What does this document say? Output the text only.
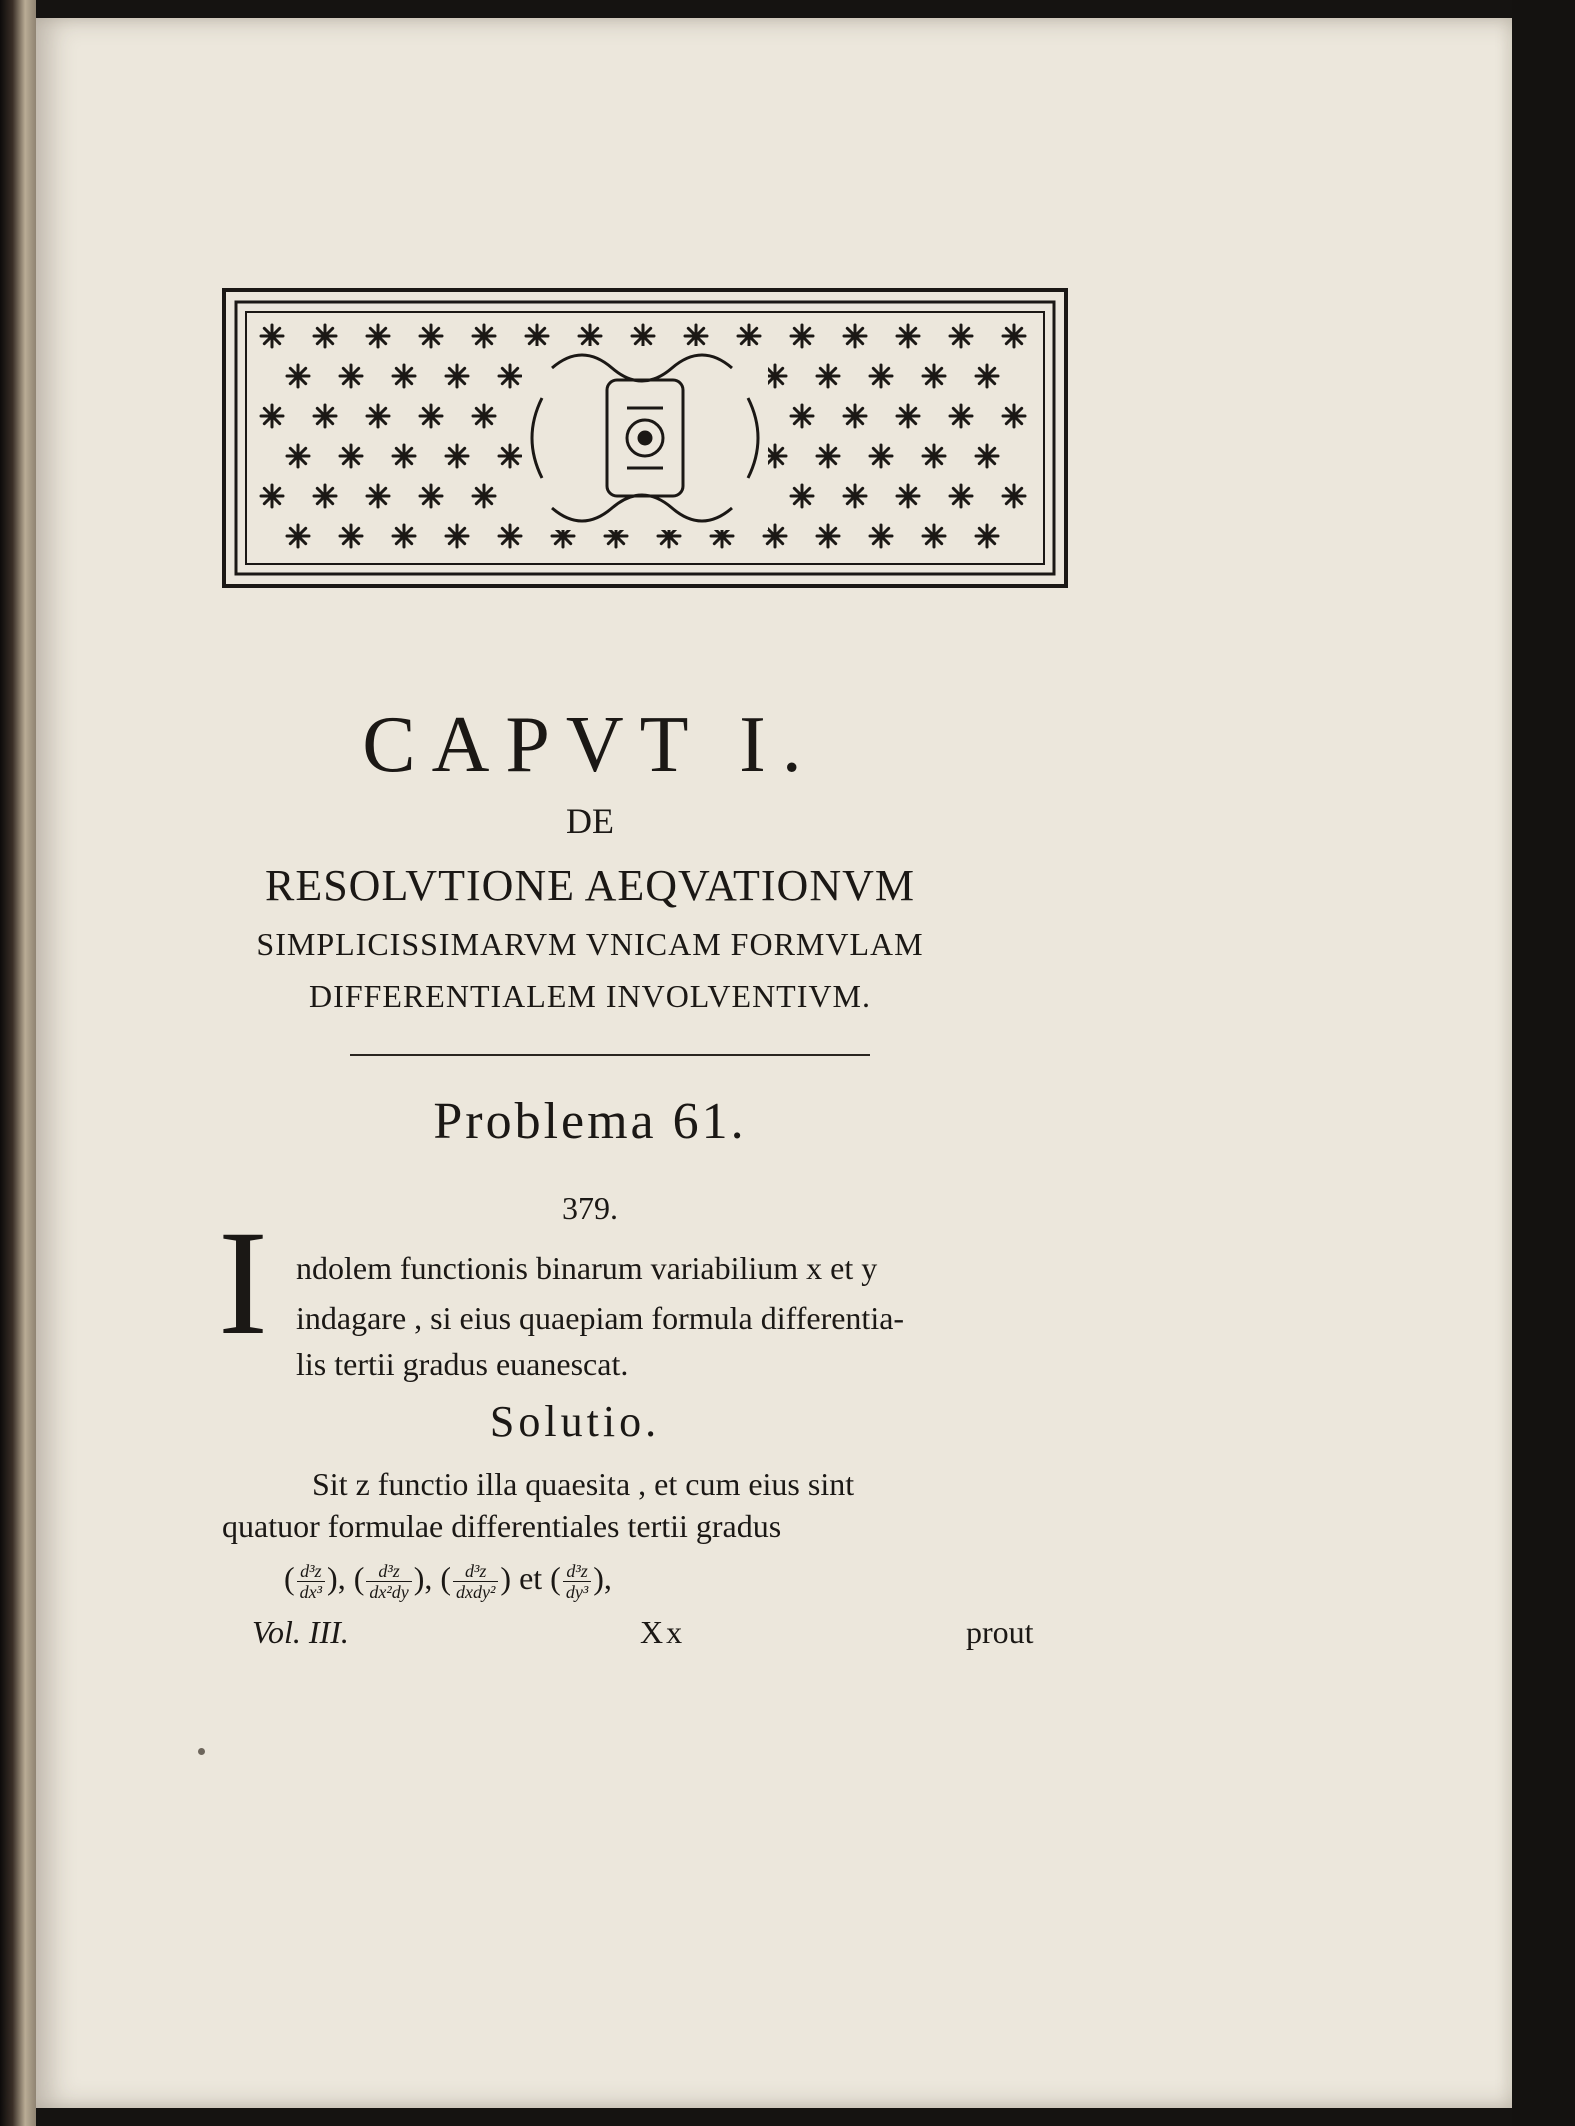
CAPVT I.
DE
RESOLVTIONE AEQVATIONVM
SIMPLICISSIMARVM VNICAM FORMVLAM
DIFFERENTIALEM INVOLVENTIVM.
Problema 61.
379.
I ndolem functionis binarum variabilium x et y
indagare , si eius quaepiam formula differentia-
lis tertii gradus euanescat.
Solutio.
Sit z functio illa quaesita , et cum eius sint
quatuor formulae differentiales tertii gradus
( $\frac{\text{d³z}}{\text{dx³}}$ ), ( $\frac{\text{d³z}}{\text{dx²dy}}$ ), ( $\frac{\text{d³z}}{\text{dxdy²}}$ ) et ( $\frac{\text{d³z}}{\text{dy³}}$ ),
Vol. III.	Xx	prout
